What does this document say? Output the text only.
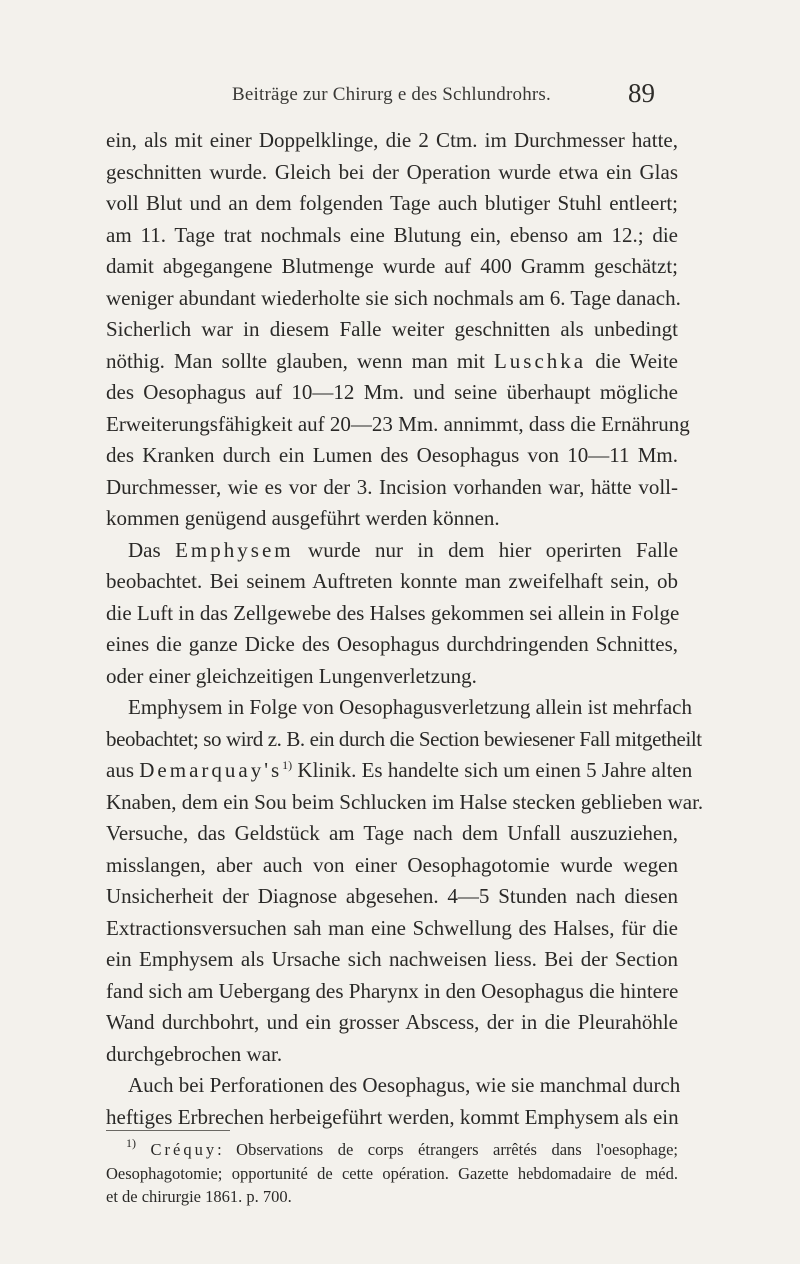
Beiträge zur Chirurg e des Schlundrohrs.	89
ein, als mit einer Doppelklinge, die 2 Ctm. im Durchmesser hatte,
geschnitten wurde. Gleich bei der Operation wurde etwa ein Glas
voll Blut und an dem folgenden Tage auch blutiger Stuhl entleert;
am 11. Tage trat nochmals eine Blutung ein, ebenso am 12.; die
damit abgegangene Blutmenge wurde auf 400 Gramm geschätzt;
weniger abundant wiederholte sie sich nochmals am 6. Tage danach.
Sicherlich war in diesem Falle weiter geschnitten als unbedingt
nöthig. Man sollte glauben, wenn man mit Luschka die Weite
des Oesophagus auf 10—12 Mm. und seine überhaupt mögliche
Erweiterungsfähigkeit auf 20—23 Mm. annimmt, dass die Ernährung
des Kranken durch ein Lumen des Oesophagus von 10—11 Mm.
Durchmesser, wie es vor der 3. Incision vorhanden war, hätte voll-
kommen genügend ausgeführt werden können.
Das Emphysem wurde nur in dem hier operirten Falle
beobachtet. Bei seinem Auftreten konnte man zweifelhaft sein, ob
die Luft in das Zellgewebe des Halses gekommen sei allein in Folge
eines die ganze Dicke des Oesophagus durchdringenden Schnittes,
oder einer gleichzeitigen Lungenverletzung.
Emphysem in Folge von Oesophagusverletzung allein ist mehrfach
beobachtet; so wird z. B. ein durch die Section bewiesener Fall mitgetheilt
aus $Demarquay's^{1)}$ Klinik. Es handelte sich um einen 5 Jahre alten
Knaben, dem ein Sou beim Schlucken im Halse stecken geblieben war.
Versuche, das Geldstück am Tage nach dem Unfall auszuziehen,
misslangen, aber auch von einer Oesophagotomie wurde wegen
Unsicherheit der Diagnose abgesehen. 4—5 Stunden nach diesen
Extractionsversuchen sah man eine Schwellung des Halses, für die
ein Emphysem als Ursache sich nachweisen liess. Bei der Section
fand sich am Uebergang des Pharynx in den Oesophagus die hintere
Wand durchbohrt, und ein grosser Abscess, der in die Pleurahöhle
durchgebrochen war.
Auch bei Perforationen des Oesophagus, wie sie manchmal durch
heftiges Erbrechen herbeigeführt werden, kommt Emphysem als ein
$^{1)}$ Créquy: Observations de corps étrangers arrêtés dans l'oesophage;
Oesophagotomie; opportunité de cette opération. Gazette hebdomadaire de méd.
et de chirurgie 1861. p. 700.
